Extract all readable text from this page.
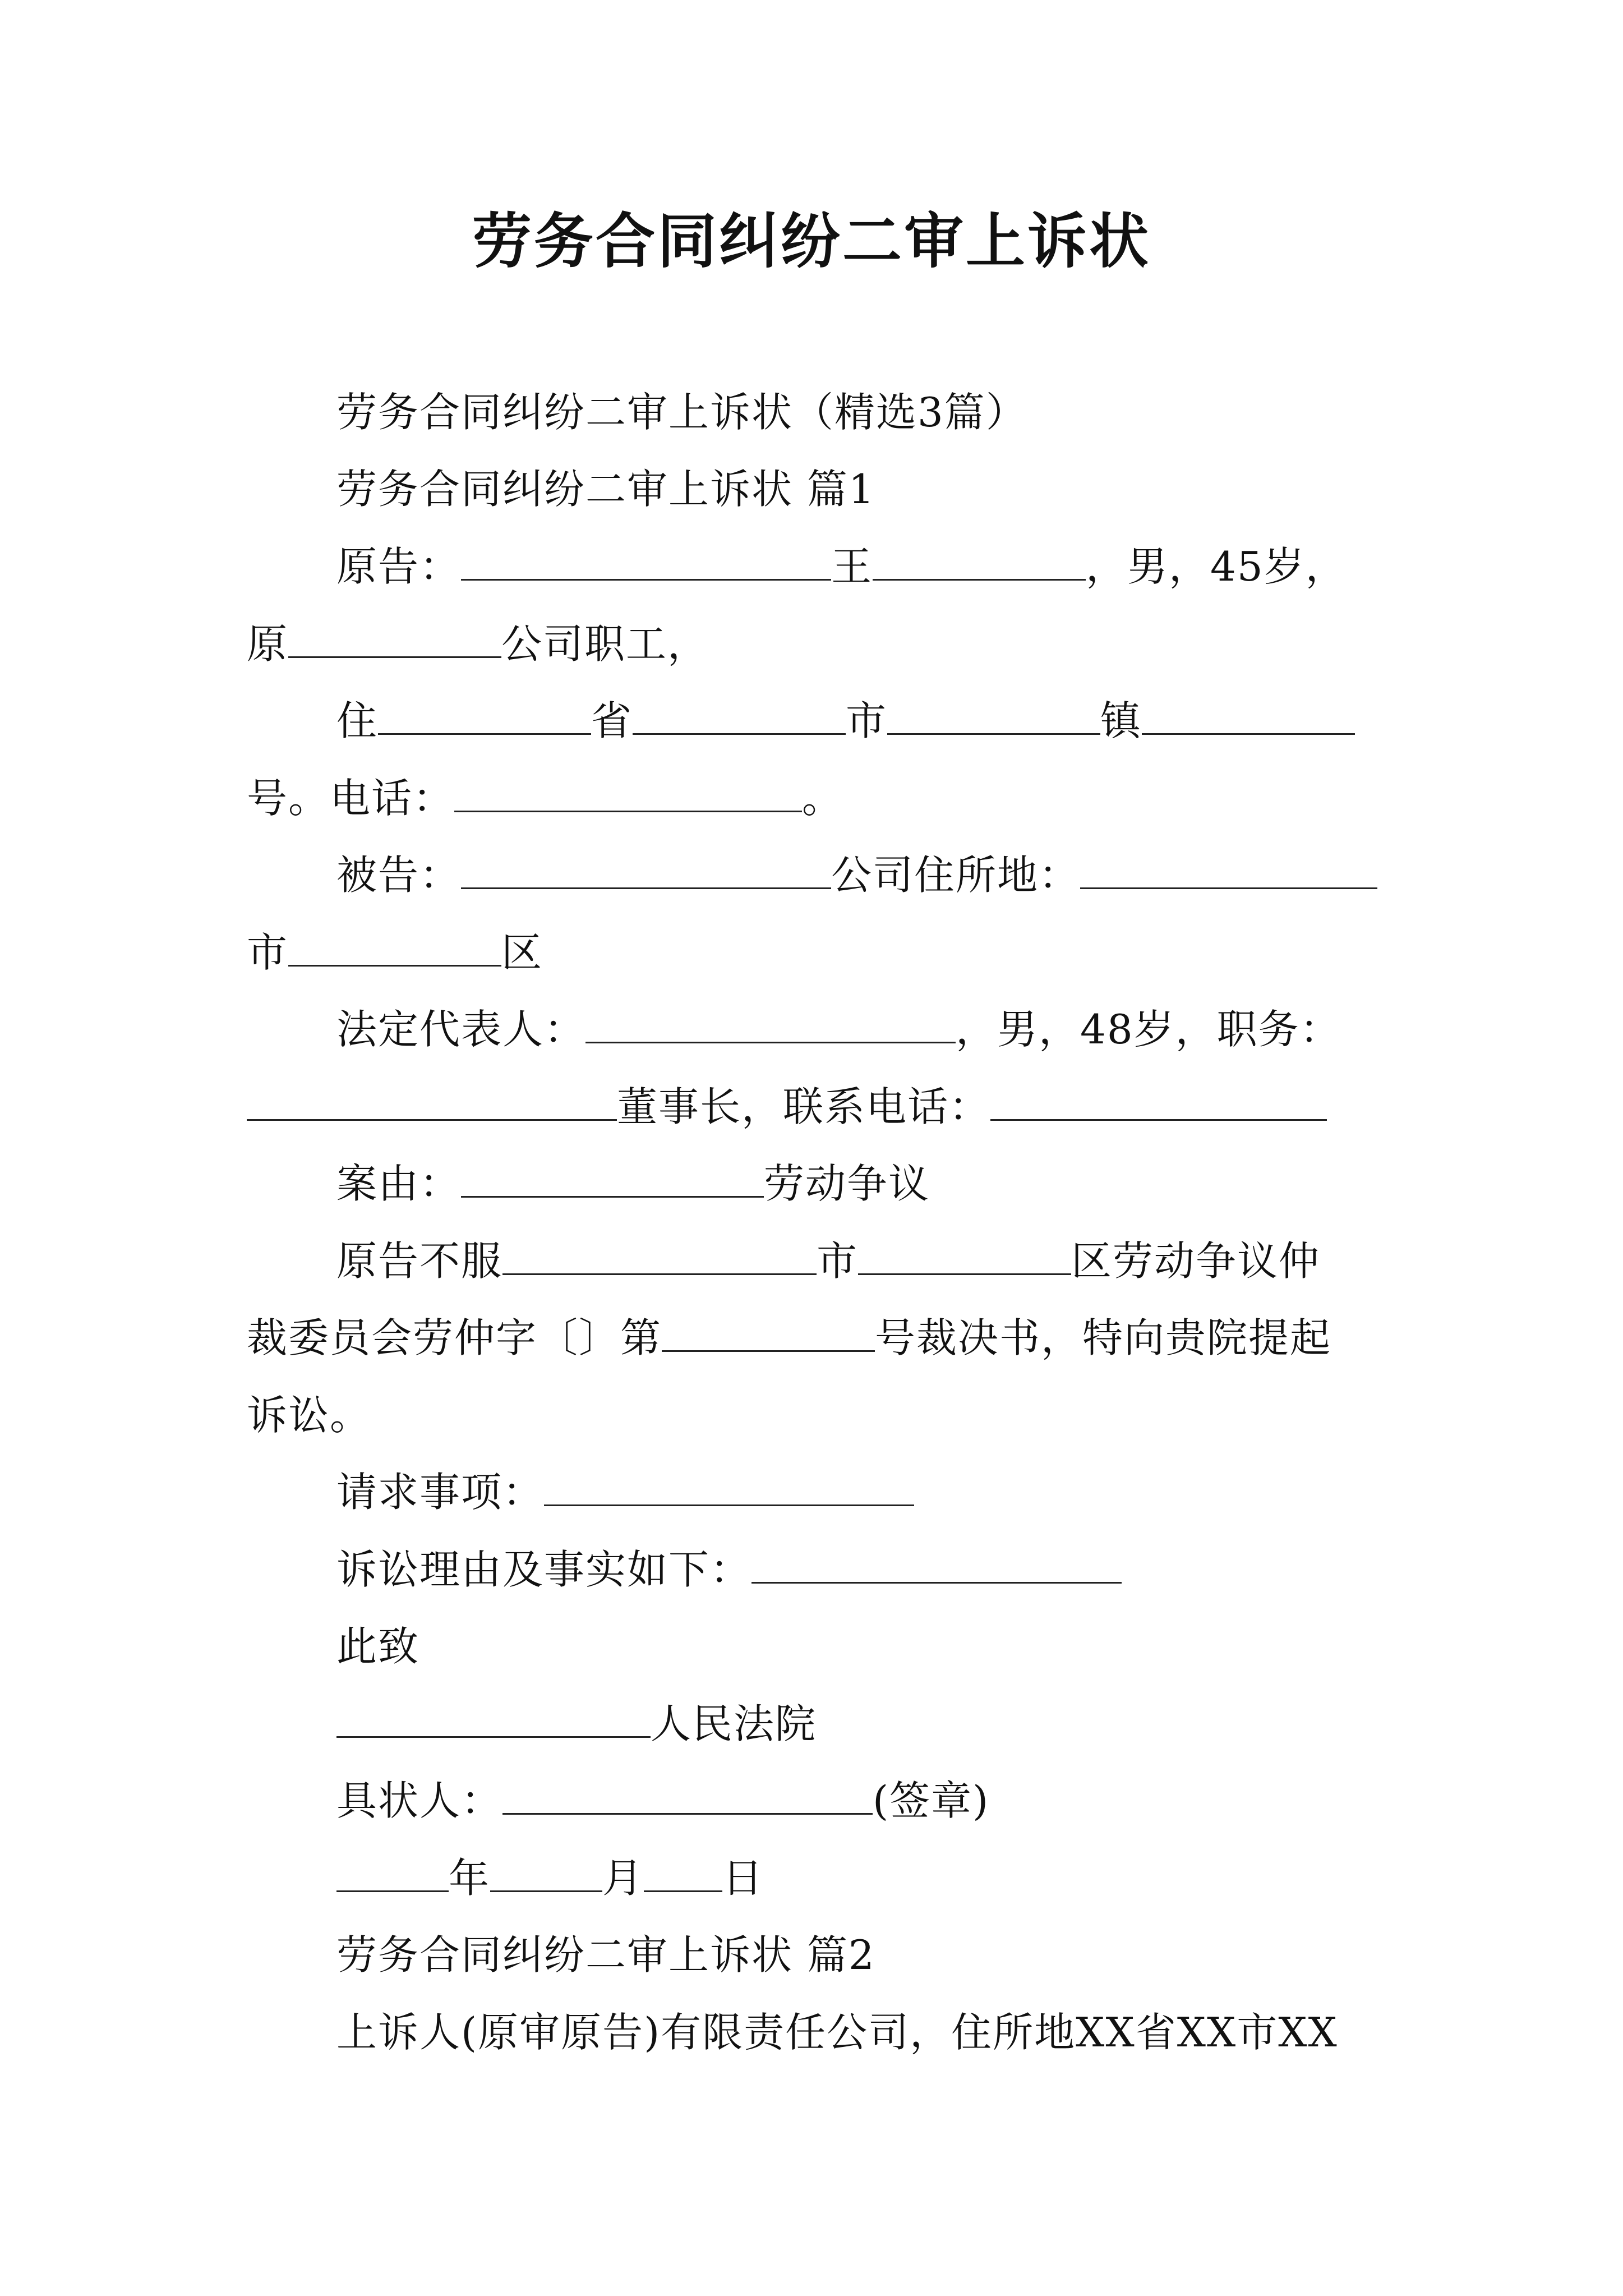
劳务合同纠纷二审上诉状
劳务合同纠纷二审上诉状（精选3篇）
劳务合同纠纷二审上诉状 篇1
原告：	王	，男，45岁，
原	公司职工，
住	省	市	镇
号。电话：	。
被告：	公司住所地：
市	区
法定代表人：	，男，48岁，职务：
董事长，联系电话：
案由：	劳动争议
原告不服	市	区劳动争议仲
裁委员会劳仲字〔〕第	号裁决书，特向贵院提起
诉讼。
请求事项：
诉讼理由及事实如下：
此致
人民法院
具状人：	(签章)
年	月 日
劳务合同纠纷二审上诉状 篇2
上诉人(原审原告)有限责任公司，住所地XX省XX市XX
